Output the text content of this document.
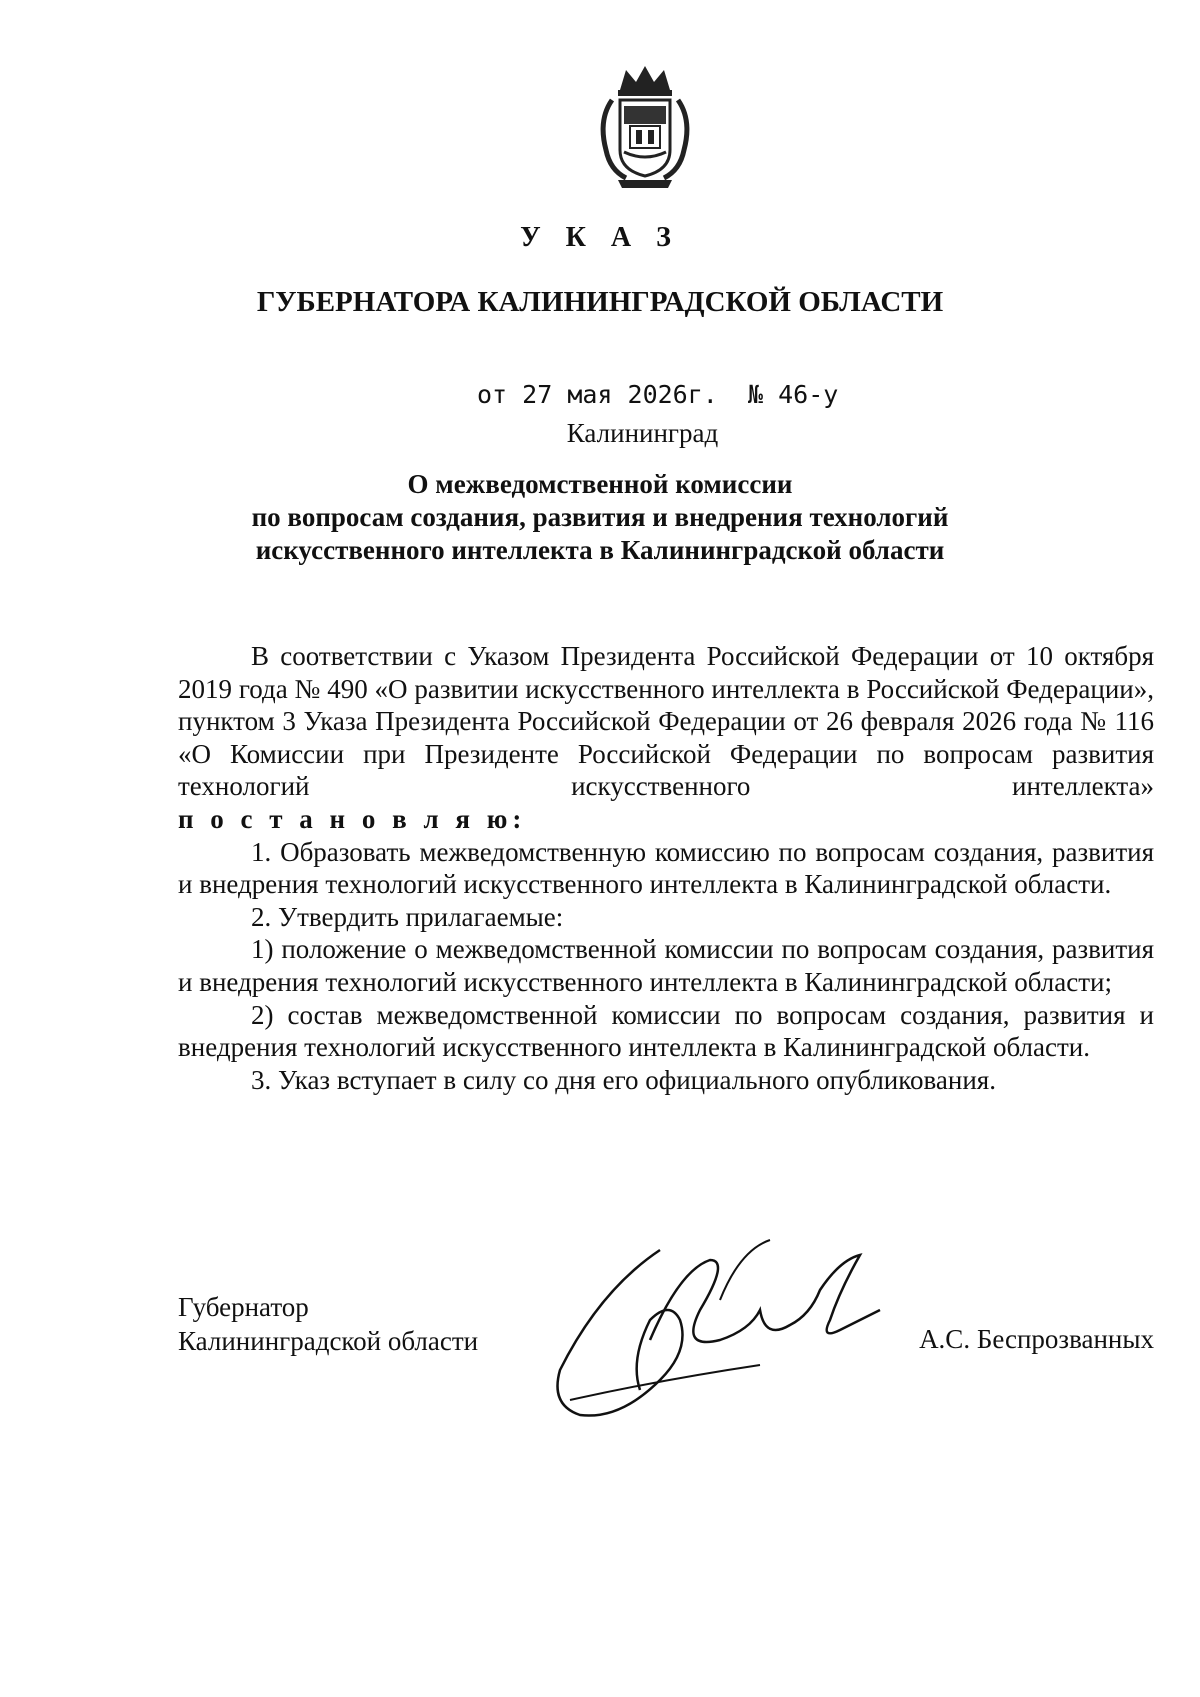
У К А З
ГУБЕРНАТОРА КАЛИНИНГРАДСКОЙ ОБЛАСТИ
от 27 мая 2026г. № 46-у
Калининград
О межведомственной комиссии
по вопросам создания, развития и внедрения технологий
искусственного интеллекта в Калининградской области

В соответствии с Указом Президента Российской Федерации от 10 октября 2019 года № 490 «О развитии искусственного интеллекта в Российской Федерации», пунктом 3 Указа Президента Российской Федерации от 26 февраля 2026 года № 116 «О Комиссии при Президенте Российской Федерации по вопросам развития технологий искусственного интеллекта»

п о с т а н о в л я ю:

1. Образовать межведомственную комиссию по вопросам создания, развития и внедрения технологий искусственного интеллекта в Калининградской области.

2. Утвердить прилагаемые:

1) положение о межведомственной комиссии по вопросам создания, развития и внедрения технологий искусственного интеллекта в Калининградской области;

2) состав межведомственной комиссии по вопросам создания, развития и внедрения технологий искусственного интеллекта в Калининградской области.

3. Указ вступает в силу со дня его официального опубликования.

Губернатор
Калининградской области	А.С. Беспрозванных
